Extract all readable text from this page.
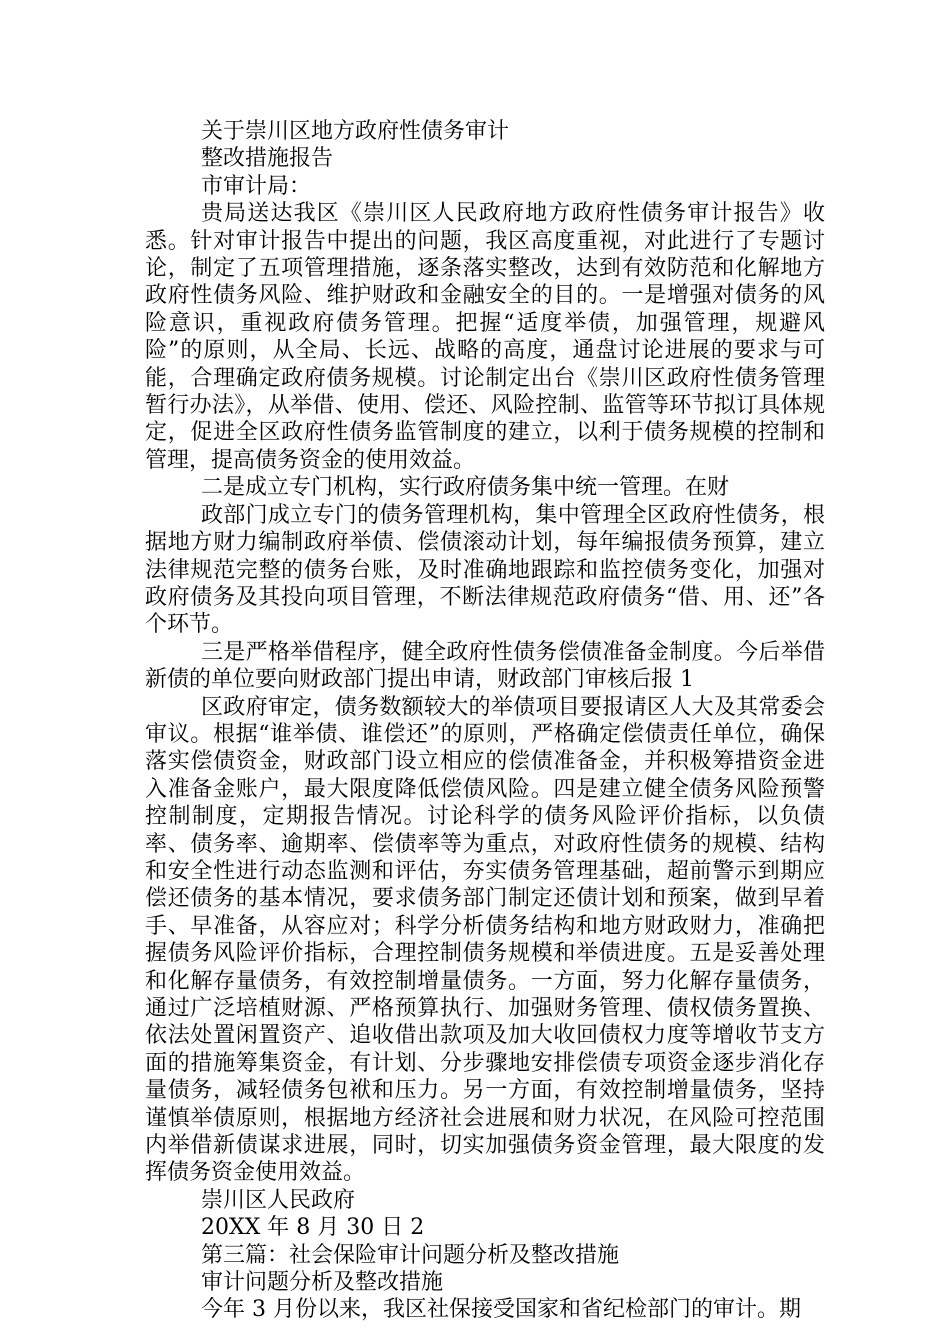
关于崇川区地方政府性债务审计
整改措施报告
市审计局：

贵局送达我区《崇川区人民政府地方政府性债务审计报告》收悉。针对审计报告中提出的问题，我区高度重视，对此进行了专题讨论，制定了五项管理措施，逐条落实整改，达到有效防范和化解地方政府性债务风险、维护财政和金融安全的目的。一是增强对债务的风险意识，重视政府债务管理。把握“适度举债，加强管理，规避风险”的原则，从全局、长远、战略的高度，通盘讨论进展的要求与可能，合理确定政府债务规模。讨论制定出台《崇川区政府性债务管理暂行办法》，从举借、使用、偿还、风险控制、监管等环节拟订具体规定，促进全区政府性债务监管制度的建立，以利于债务规模的控制和管理，提高债务资金的使用效益。

二是成立专门机构，实行政府债务集中统一管理。在财

政部门成立专门的债务管理机构，集中管理全区政府性债务，根据地方财力编制政府举债、偿债滚动计划，每年编报债务预算，建立法律规范完整的债务台账，及时准确地跟踪和监控债务变化，加强对政府债务及其投向项目管理，不断法律规范政府债务“借、用、还”各个环节。

三是严格举借程序，健全政府性债务偿债准备金制度。今后举借新债的单位要向财政部门提出申请，财政部门审核后报 1

区政府审定，债务数额较大的举债项目要报请区人大及其常委会审议。根据“谁举债、谁偿还”的原则，严格确定偿债责任单位，确保落实偿债资金，财政部门设立相应的偿债准备金，并积极筹措资金进入准备金账户，最大限度降低偿债风险。四是建立健全债务风险预警控制制度，定期报告情况。讨论科学的债务风险评价指标，以负债率、债务率、逾期率、偿债率等为重点，对政府性债务的规模、结构和安全性进行动态监测和评估，夯实债务管理基础，超前警示到期应偿还债务的基本情况，要求债务部门制定还债计划和预案，做到早着手、早准备，从容应对；科学分析债务结构和地方财政财力，准确把握债务风险评价指标，合理控制债务规模和举债进度。五是妥善处理和化解存量债务，有效控制增量债务。一方面，努力化解存量债务，通过广泛培植财源、严格预算执行、加强财务管理、债权债务置换、依法处置闲置资产、追收借出款项及加大收回债权力度等增收节支方面的措施筹集资金，有计划、分步骤地安排偿债专项资金逐步消化存量债务，减轻债务包袱和压力。另一方面，有效控制增量债务，坚持谨慎举债原则，根据地方经济社会进展和财力状况，在风险可控范围内举借新债谋求进展，同时，切实加强债务资金管理，最大限度的发挥债务资金使用效益。

崇川区人民政府
20XX 年 8 月 30 日 2
第三篇：社会保险审计问题分析及整改措施
审计问题分析及整改措施

今年 3 月份以来，我区社保接受国家和省纪检部门的审计。期
